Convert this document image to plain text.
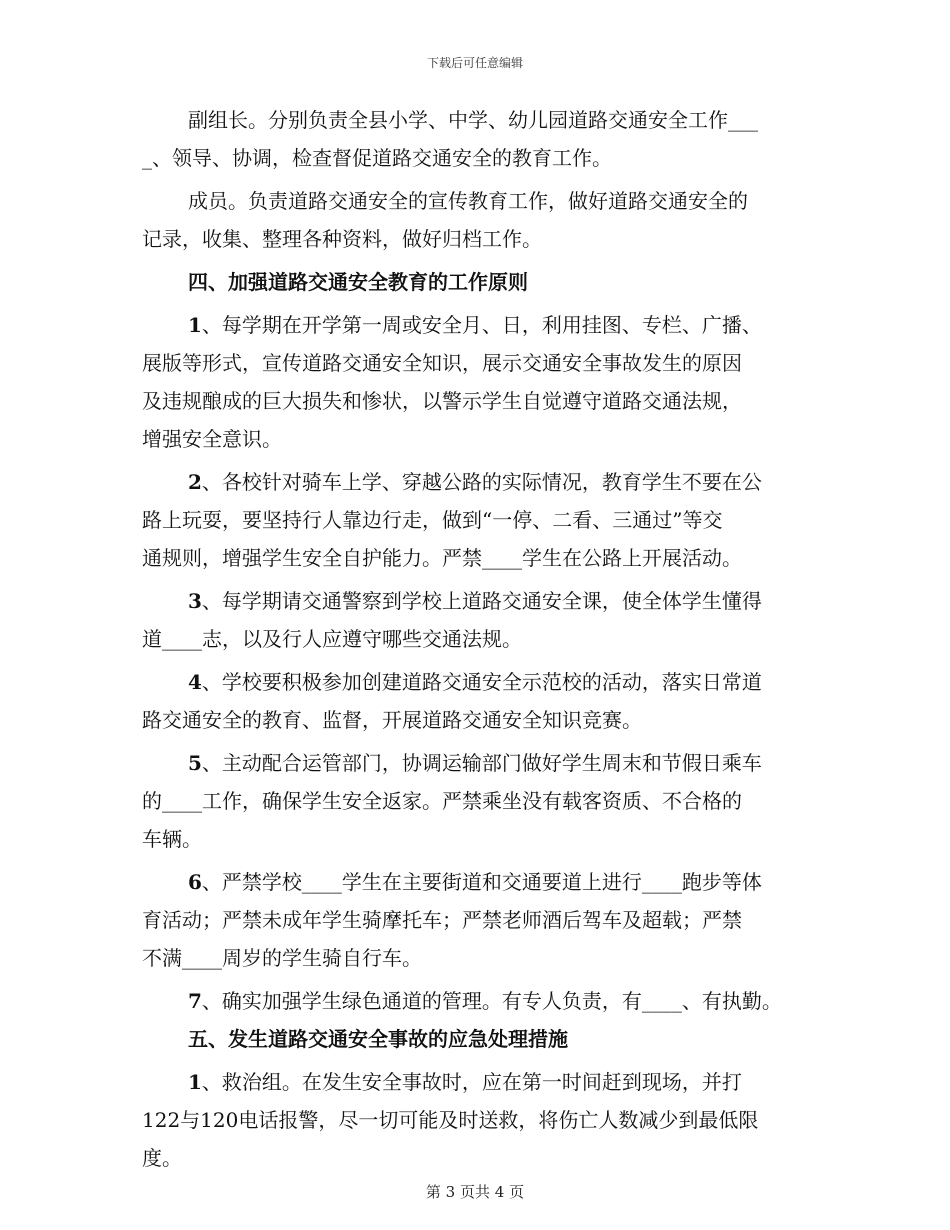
下载后可任意编辑

副组长。分别负责全县小学、中学、幼儿园道路交通安全工作___

_、领导、协调，检查督促道路交通安全的教育工作。

成员。负责道路交通安全的宣传教育工作，做好道路交通安全的

记录，收集、整理各种资料，做好归档工作。

四、加强道路交通安全教育的工作原则

1、每学期在开学第一周或安全月、日，利用挂图、专栏、广播、

展版等形式，宣传道路交通安全知识，展示交通安全事故发生的原因

及违规酿成的巨大损失和惨状，以警示学生自觉遵守道路交通法规，

增强安全意识。

2、各校针对骑车上学、穿越公路的实际情况，教育学生不要在公

路上玩耍，要坚持行人靠边行走，做到“一停、二看、三通过”等交

通规则，增强学生安全自护能力。严禁____学生在公路上开展活动。

3、每学期请交通警察到学校上道路交通安全课，使全体学生懂得

道____志，以及行人应遵守哪些交通法规。

4、学校要积极参加创建道路交通安全示范校的活动，落实日常道

路交通安全的教育、监督，开展道路交通安全知识竞赛。

5、主动配合运管部门，协调运输部门做好学生周末和节假日乘车

的____工作，确保学生安全返家。严禁乘坐没有载客资质、不合格的

车辆。

6、严禁学校____学生在主要街道和交通要道上进行____跑步等体

育活动；严禁未成年学生骑摩托车；严禁老师酒后驾车及超载；严禁

不满____周岁的学生骑自行车。

7、确实加强学生绿色通道的管理。有专人负责，有____、有执勤。

五、发生道路交通安全事故的应急处理措施

1、救治组。在发生安全事故时，应在第一时间赶到现场，并打

122与120电话报警，尽一切可能及时送救，将伤亡人数减少到最低限

度。

第 3 页共 4 页
